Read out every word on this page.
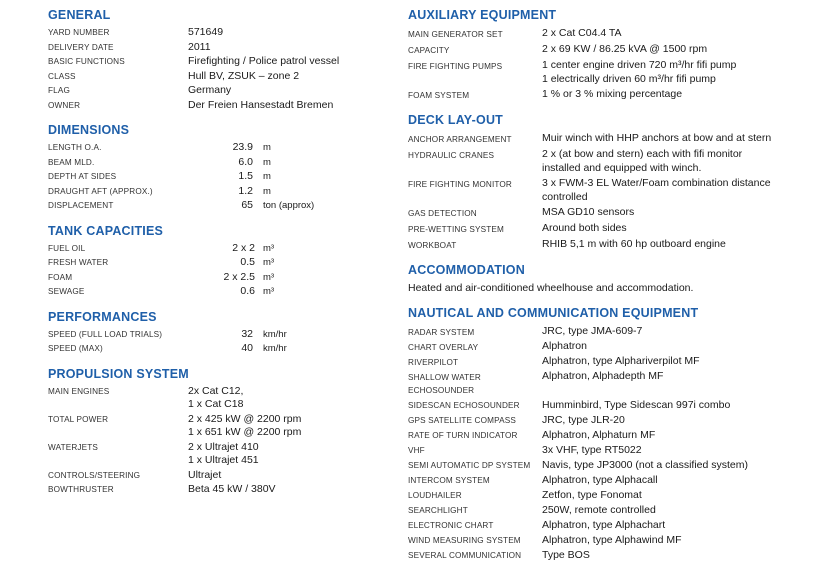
GENERAL
YARD NUMBER	571649
DELIVERY DATE	2011
BASIC FUNCTIONS	Firefighting / Police patrol vessel
CLASS	Hull BV, ZSUK – zone 2
FLAG	Germany
OWNER	Der Freien Hansestadt Bremen
DIMENSIONS
LENGTH O.A.	23.9	m
BEAM MLD.	6.0	m
DEPTH AT SIDES	1.5	m
DRAUGHT AFT (APPROX.)	1.2	m
DISPLACEMENT	65	ton (approx)
TANK CAPACITIES
FUEL OIL	2 x 2 m³
FRESH WATER	0.5 m³
FOAM	2 x 2.5 m³
SEWAGE	0.6 m³
PERFORMANCES
SPEED (FULL LOAD TRIALS)	32	km/hr
SPEED (MAX)	40	km/hr
PROPULSION SYSTEM
MAIN ENGINES	2x Cat C12,
1 x Cat C18
TOTAL POWER	2 x 425 kW @ 2200 rpm
1 x 651 kW @ 2200 rpm
WATERJETS	2 x Ultrajet 410
1 x Ultrajet 451
CONTROLS/STEERING	Ultrajet
BOWTHRUSTER	Beta 45 kW / 380V
AUXILIARY EQUIPMENT
MAIN GENERATOR SET	2 x Cat C04.4 TA
CAPACITY	2 x 69 KW / 86.25 kVA @ 1500 rpm
FIRE FIGHTING PUMPS	1 center engine driven 720 m³/hr fifi pump
1 electrically driven 60 m³/hr fifi pump
FOAM SYSTEM	1 % or 3 % mixing percentage
DECK LAY-OUT
ANCHOR ARRANGEMENT	Muir winch with HHP anchors at bow and at stern
HYDRAULIC CRANES	2 x (at bow and stern) each with fifi monitor
installed and equipped with winch.
FIRE FIGHTING MONITOR	3 x FWM-3 EL Water/Foam combination distance
controlled
GAS DETECTION	MSA GD10 sensors
PRE-WETTING SYSTEM	Around both sides
WORKBOAT	RHIB 5,1 m with 60 hp outboard engine
ACCOMMODATION
Heated and air-conditioned wheelhouse and accommodation.
NAUTICAL AND COMMUNICATION EQUIPMENT
RADAR SYSTEM	JRC, type JMA-609-7
CHART OVERLAY	Alphatron
RIVERPILOT	Alphatron, type Alphariverpilot MF
SHALLOW WATER ECHOSOUNDER
Alphatron, Alphadepth MF
SIDESCAN ECHOSOUNDER	Humminbird, Type Sidescan 997i combo
GPS SATELLITE COMPASS	JRC, type JLR-20
RATE OF TURN INDICATOR	Alphatron, Alphaturn MF
VHF	3x VHF, type RT5022
SEMI AUTOMATIC DP SYSTEM	Navis, type JP3000 (not a classified system)
INTERCOM SYSTEM	Alphatron, type Alphacall
LOUDHAILER	Zetfon, type Fonomat
SEARCHLIGHT	250W, remote controlled
ELECTRONIC CHART	Alphatron, type Alphachart
WIND MEASURING SYSTEM	Alphatron, type Alphawind MF
SEVERAL COMMUNICATION	Type BOS
